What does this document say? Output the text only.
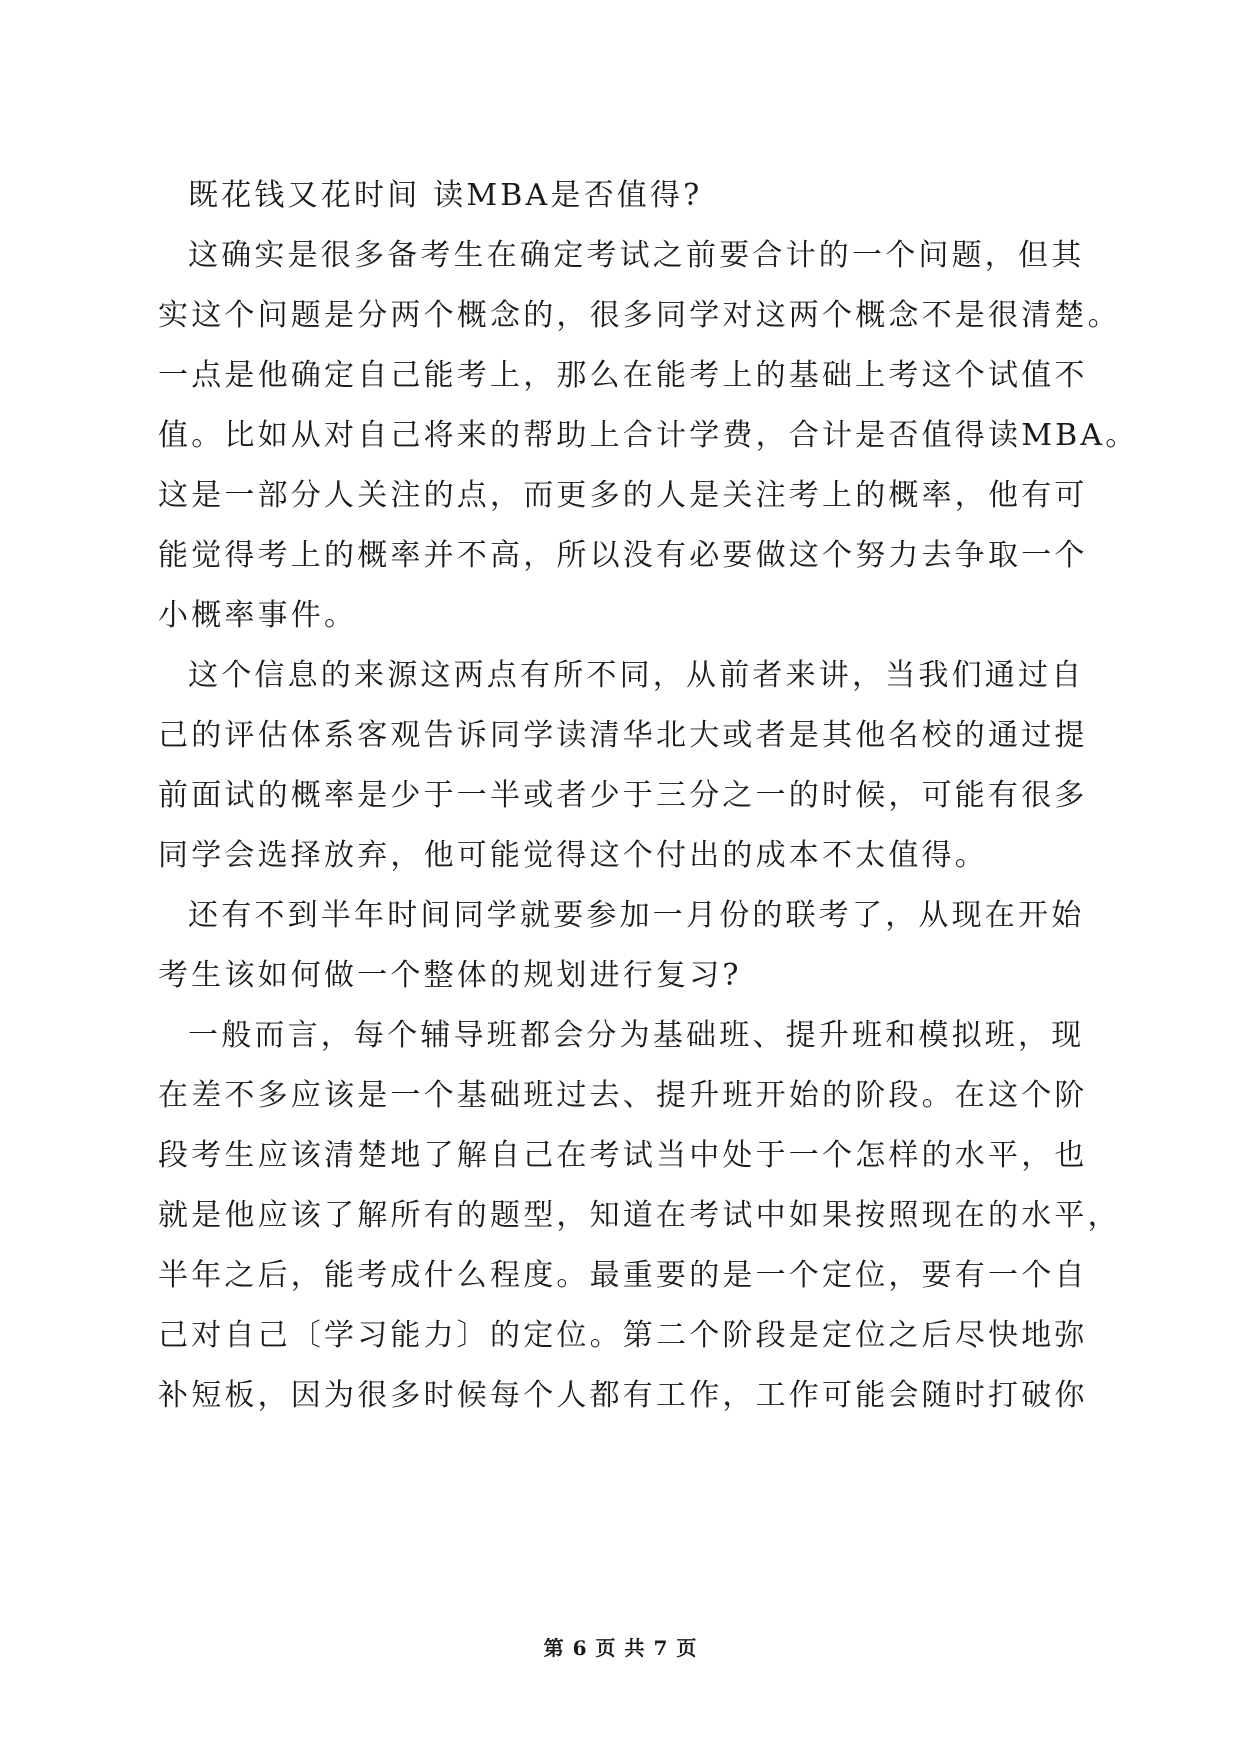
既花钱又花时间 读MBA是否值得?
这确实是很多备考生在确定考试之前要合计的一个问题，但其
实这个问题是分两个概念的，很多同学对这两个概念不是很清楚。
一点是他确定自己能考上，那么在能考上的基础上考这个试值不
值。比如从对自己将来的帮助上合计学费，合计是否值得读MBA。
这是一部分人关注的点，而更多的人是关注考上的概率，他有可
能觉得考上的概率并不高，所以没有必要做这个努力去争取一个
小概率事件。
这个信息的来源这两点有所不同，从前者来讲，当我们通过自
己的评估体系客观告诉同学读清华北大或者是其他名校的通过提
前面试的概率是少于一半或者少于三分之一的时候，可能有很多
同学会选择放弃，他可能觉得这个付出的成本不太值得。
还有不到半年时间同学就要参加一月份的联考了，从现在开始
考生该如何做一个整体的规划进行复习?
一般而言，每个辅导班都会分为基础班、提升班和模拟班，现
在差不多应该是一个基础班过去、提升班开始的阶段。在这个阶
段考生应该清楚地了解自己在考试当中处于一个怎样的水平，也
就是他应该了解所有的题型，知道在考试中如果按照现在的水平，
半年之后，能考成什么程度。最重要的是一个定位，要有一个自
己对自己〔学习能力〕的定位。第二个阶段是定位之后尽快地弥
补短板，因为很多时候每个人都有工作，工作可能会随时打破你
第 6 页 共 7 页
